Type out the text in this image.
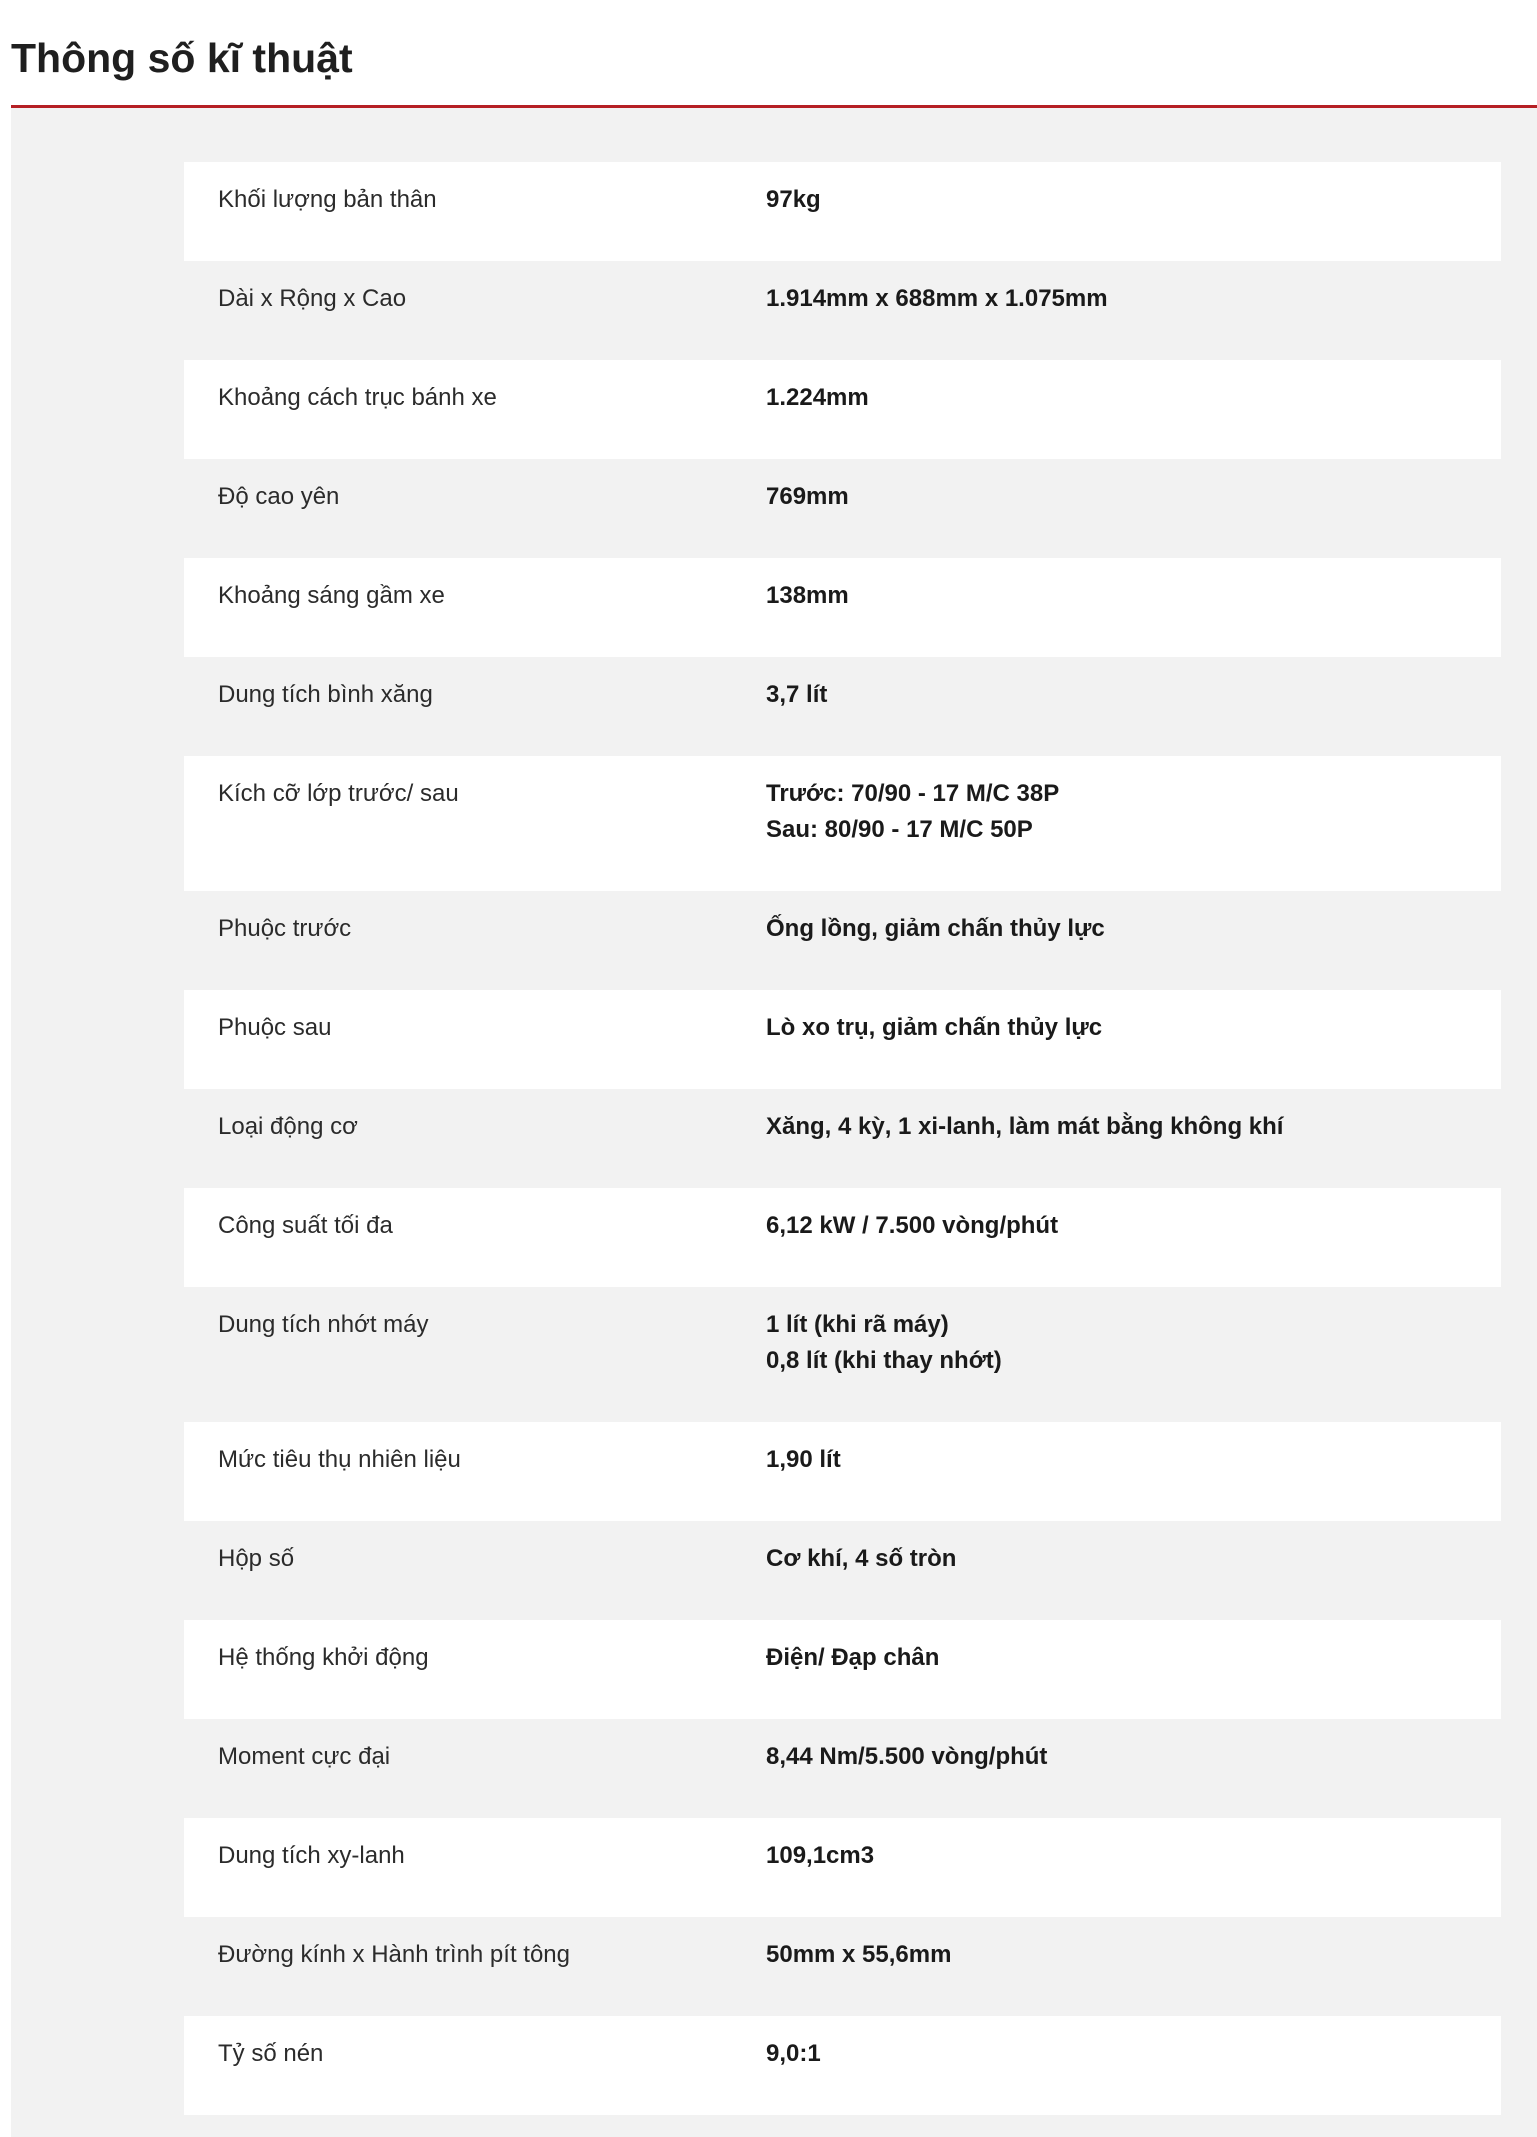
Thông số kĩ thuật
Khối lượng bản thân	97kg

Dài x Rộng x Cao	1.914mm x 688mm x 1.075mm

Khoảng cách trục bánh xe	1.224mm

Độ cao yên	769mm

Khoảng sáng gầm xe	138mm

Dung tích bình xăng	3,7 lít

Kích cỡ lớp trước/ sau	Trước: 70/90 - 17 M/C 38P
Sau: 80/90 - 17 M/C 50P

Phuộc trước	Ống lồng, giảm chấn thủy lực

Phuộc sau	Lò xo trụ, giảm chấn thủy lực

Loại động cơ	Xăng, 4 kỳ, 1 xi-lanh, làm mát bằng không khí

Công suất tối đa	6,12 kW / 7.500 vòng/phút

Dung tích nhớt máy	1 lít (khi rã máy)
0,8 lít (khi thay nhớt)

Mức tiêu thụ nhiên liệu	1,90 lít

Hộp số	Cơ khí, 4 số tròn

Hệ thống khởi động	Điện/ Đạp chân

Moment cực đại	8,44 Nm/5.500 vòng/phút

Dung tích xy-lanh	109,1cm3

Đường kính x Hành trình pít tông	50mm x 55,6mm

Tỷ số nén	9,0:1
